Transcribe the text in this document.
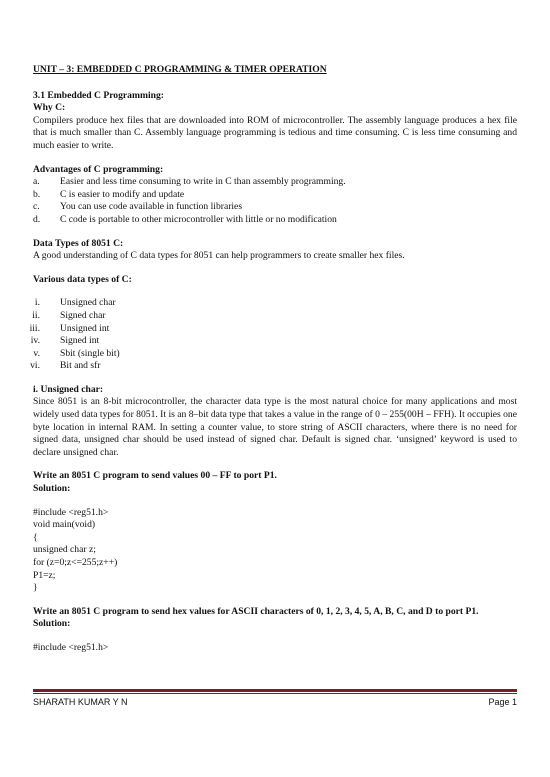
UNIT – 3: EMBEDDED C PROGRAMMING & TIMER OPERATION

3.1 Embedded C Programming:

Why C:

Compilers produce hex files that are downloaded into ROM of microcontroller. The assembly language produces a hex file that is much smaller than C. Assembly language programming is tedious and time consuming. C is less time consuming and much easier to write.

Advantages of C programming:

a.	Easier and less time consuming to write in C than assembly programming.
b.	C is easier to modify and update
c.	You can use code available in function libraries
d.	C code is portable to other microcontroller with little or no modification

Data Types of 8051 C:

A good understanding of C data types for 8051 can help programmers to create smaller hex files.

Various data types of C:

i. Unsigned char
ii. Signed char
iii. Unsigned int
iv. Signed int
v. Sbit (single bit)
vi. Bit and sfr

i. Unsigned char:

Since 8051 is an 8-bit microcontroller, the character data type is the most natural choice for many applications and most widely used data types for 8051. It is an 8–bit data type that takes a value in the range of 0 – 255(00H – FFH). It occupies one byte location in internal RAM. In setting a counter value, to store string of ASCII characters, where there is no need for signed data, unsigned char should be used instead of signed char. Default is signed char. ‘unsigned’ keyword is used to declare unsigned char.

Write an 8051 C program to send values 00 – FF to port P1.

Solution:

#include <reg51.h>

void main(void)

{

unsigned char z;

for (z=0;z<=255;z++)

P1=z;

}

Write an 8051 C program to send hex values for ASCII characters of 0, 1, 2, 3, 4, 5, A, B, C, and D to port P1.

Solution:

#include <reg51.h>

SHARATH KUMAR Y N	Page 1
